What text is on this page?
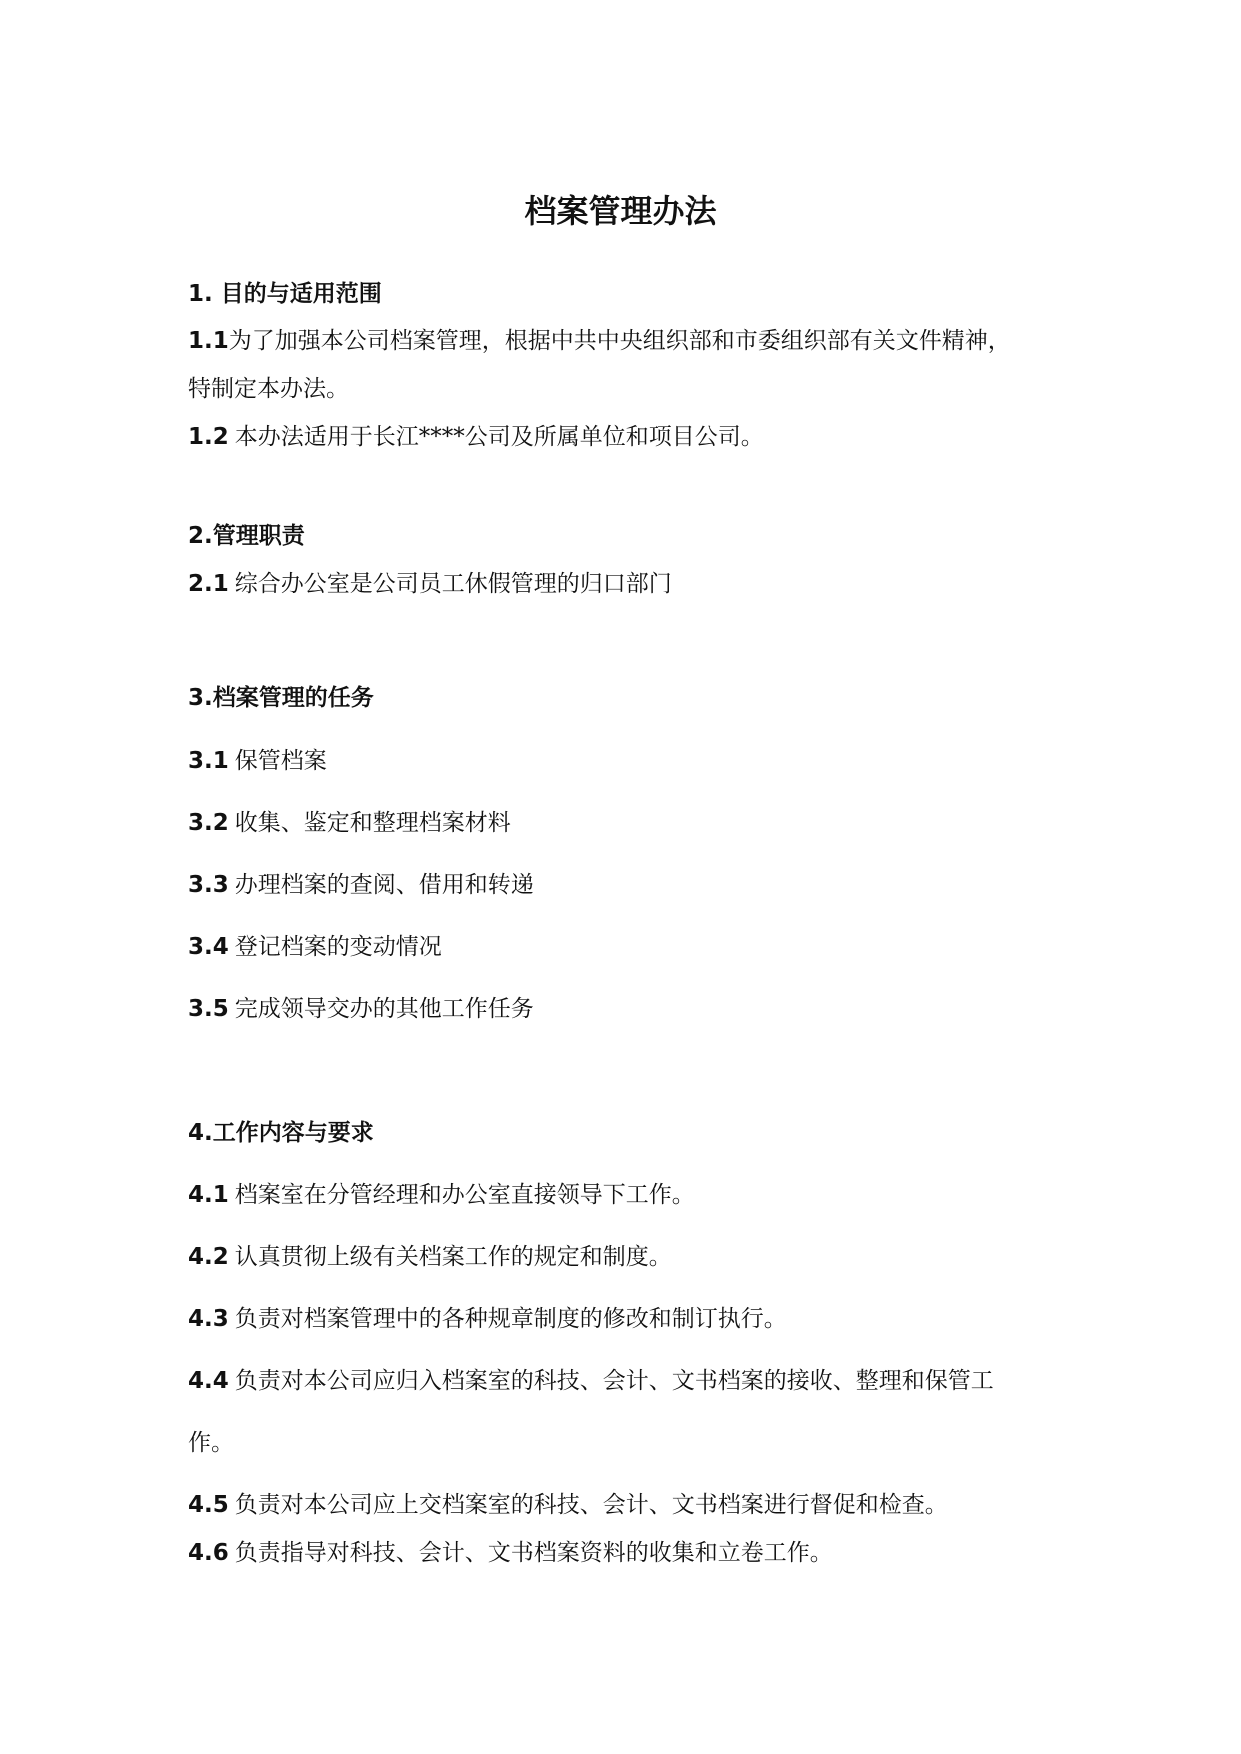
档案管理办法
1. 目的与适用范围
1.1为了加强本公司档案管理，根据中共中央组织部和市委组织部有关文件精神，
特制定本办法。
1.2 本办法适用于长江****公司及所属单位和项目公司。
2.管理职责
2.1 综合办公室是公司员工休假管理的归口部门
3.档案管理的任务
3.1 保管档案
3.2 收集、鉴定和整理档案材料
3.3 办理档案的查阅、借用和转递
3.4 登记档案的变动情况
3.5 完成领导交办的其他工作任务
4.工作内容与要求
4.1 档案室在分管经理和办公室直接领导下工作。
4.2 认真贯彻上级有关档案工作的规定和制度。
4.3 负责对档案管理中的各种规章制度的修改和制订执行。
4.4 负责对本公司应归入档案室的科技、会计、文书档案的接收、整理和保管工
作。
4.5 负责对本公司应上交档案室的科技、会计、文书档案进行督促和检查。
4.6 负责指导对科技、会计、文书档案资料的收集和立卷工作。
